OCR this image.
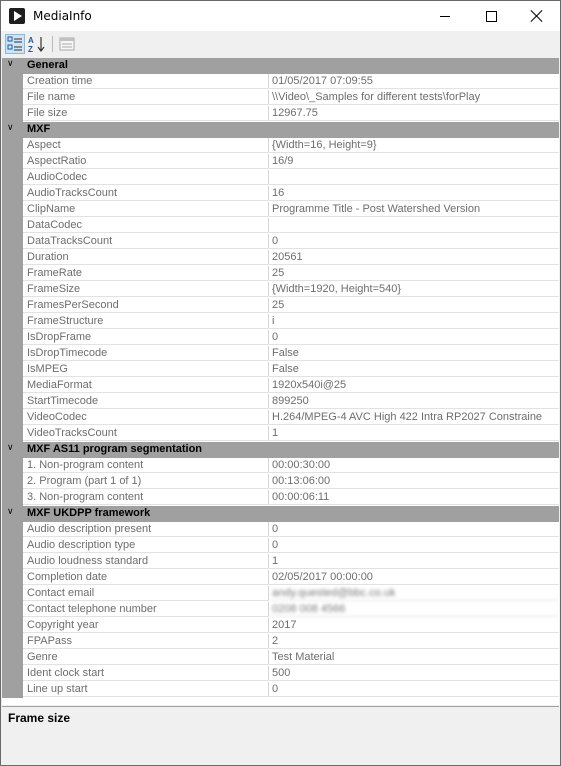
MediaInfo
A
Z
∨ General
Creation time	01/05/2017 07:09:55
File name	\\Video\_Samples for different tests\forPlay
File size	12967.75
∨ MXF
Aspect	{Width=16, Height=9}
AspectRatio	16/9
AudioCodec
AudioTracksCount	16
ClipName	Programme Title - Post Watershed Version
DataCodec
DataTracksCount	0
Duration	20561
FrameRate	25
FrameSize	{Width=1920, Height=540}
FramesPerSecond	25
FrameStructure	i
IsDropFrame	0
IsDropTimecode	False
IsMPEG	False
MediaFormat	1920x540i@25
StartTimecode	899250
VideoCodec	H.264/MPEG-4 AVC High 422 Intra RP2027 Constraine
VideoTracksCount	1
∨ MXF AS11 program segmentation
1. Non-program content	00:00:30:00
2. Program (part 1 of 1)	00:13:06:00
3. Non-program content	00:00:06:11
∨ MXF UKDPP framework
Audio description present	0
Audio description type	0
Audio loudness standard	1
Completion date	02/05/2017 00:00:00
Contact email	andy.quested@bbc.co.uk
Contact telephone number	0208 008 4566
Copyright year	2017
FPAPass	2
Genre	Test Material
Ident clock start	500
Line up start	0
Frame size
